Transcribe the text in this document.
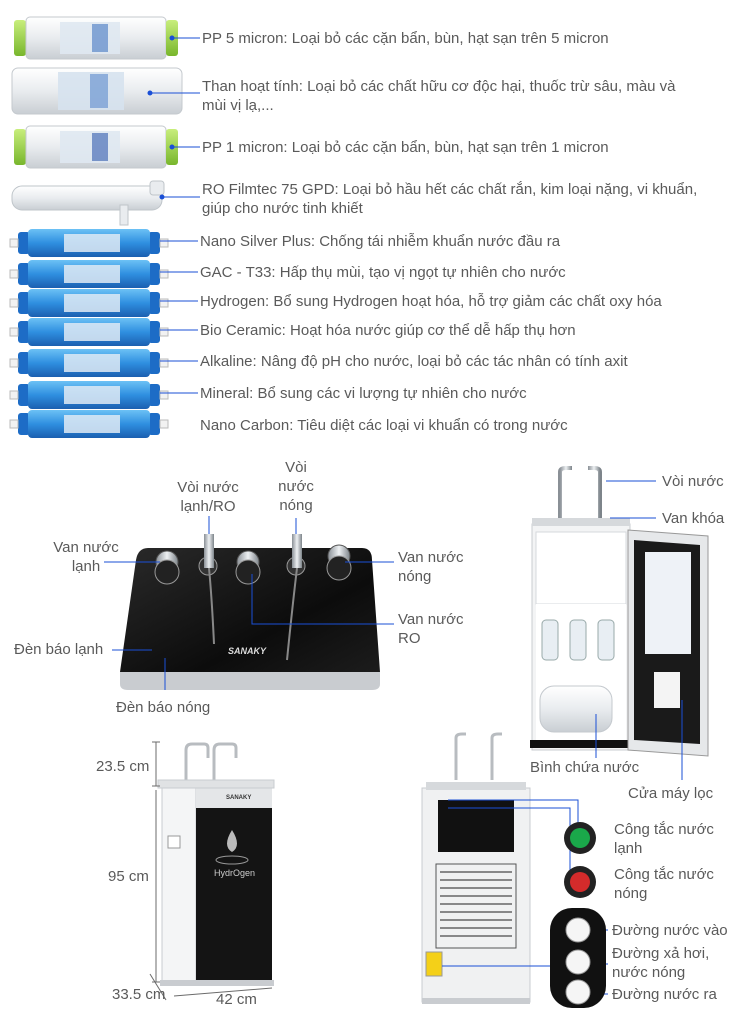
PP 5 micron: Loại bỏ các cặn bẩn, bùn, hạt sạn trên 5 micron
Than hoạt tính: Loại bỏ các chất hữu cơ độc hại, thuốc trừ sâu, màu và mùi vị lạ,...
PP 1 micron: Loại bỏ các cặn bẩn, bùn, hạt sạn trên 1 micron
RO Filmtec 75 GPD: Loại bỏ hầu hết các chất rắn, kim loại nặng, vi khuẩn, giúp cho nước tinh khiết
Nano Silver Plus: Chống tái nhiễm khuẩn nước đầu ra
GAC - T33: Hấp thụ mùi, tạo vị ngọt tự nhiên cho nước
Hydrogen: Bổ sung Hydrogen hoạt hóa, hỗ trợ giảm các chất oxy hóa
Bio Ceramic: Hoạt hóa nước giúp cơ thể dễ hấp thụ hơn
Alkaline: Nâng độ pH cho nước, loại bỏ các tác nhân có tính axit
Mineral: Bổ sung các vi lượng tự nhiên cho nước
Nano Carbon: Tiêu diệt các loại vi khuẩn có trong nước
Vòi nước lạnh/RO
Vòi nước nóng
Van nước lạnh
Van nước nóng
Van nước RO
Đèn báo lạnh
Đèn báo nóng
SANAKY
Vòi nước
Van khóa
Bình chứa nước
Cửa máy lọc
23.5 cm
95 cm
33.5 cm	42 cm
SANAKY
HydrOgen
Công tắc nước lạnh
Công tắc nước nóng
Đường nước vào
Đường xả hơi, nước nóng
Đường nước ra
